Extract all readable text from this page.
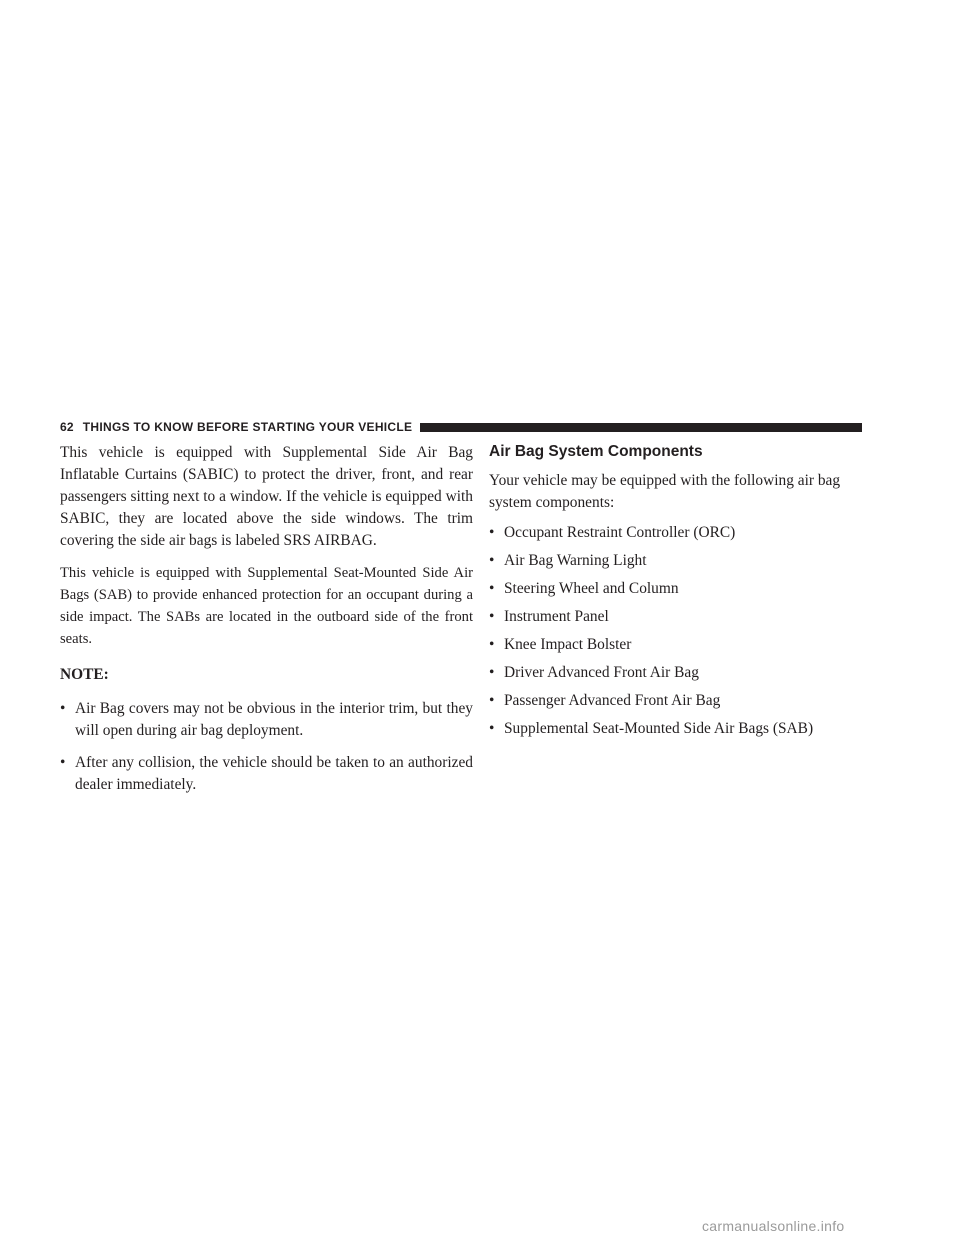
62 THINGS TO KNOW BEFORE STARTING YOUR VEHICLE

This vehicle is equipped with Supplemental Side Air Bag Inflatable Curtains (SABIC) to protect the driver, front, and rear passengers sitting next to a window. If the vehicle is equipped with SABIC, they are located above the side windows. The trim covering the side air bags is labeled SRS AIRBAG.

This vehicle is equipped with Supplemental Seat-Mounted Side Air Bags (SAB) to provide enhanced protection for an occupant during a side impact. The SABs are located in the outboard side of the front seats.

NOTE:
• Air Bag covers may not be obvious in the interior trim, but they will open during air bag deployment.
• After any collision, the vehicle should be taken to an authorized dealer immediately.
Air Bag System Components

Your vehicle may be equipped with the following air bag system components:

• Occupant Restraint Controller (ORC)
• Air Bag Warning Light
• Steering Wheel and Column
• Instrument Panel
• Knee Impact Bolster
• Driver Advanced Front Air Bag
• Passenger Advanced Front Air Bag
• Supplemental Seat-Mounted Side Air Bags (SAB)
carmanualsonline.info
